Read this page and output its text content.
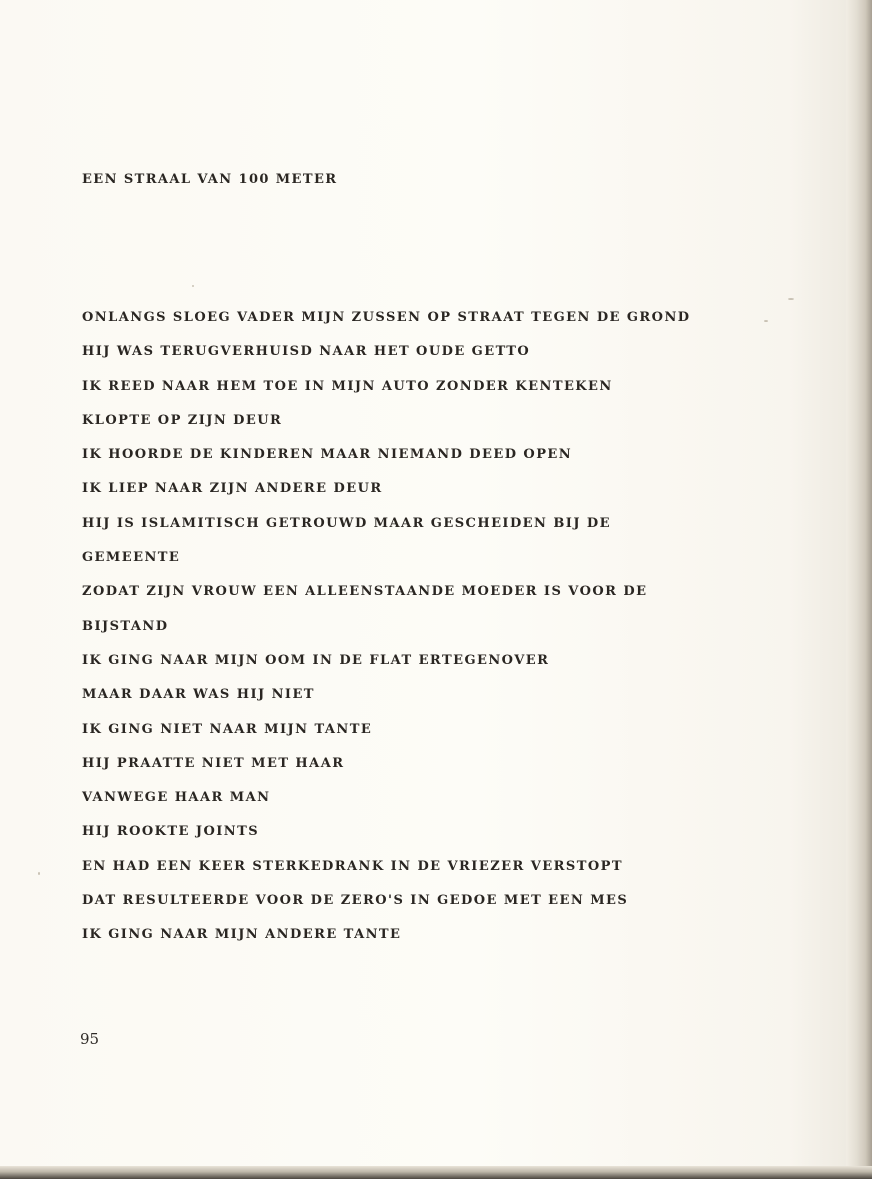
EEN STRAAL VAN 100 METER
ONLANGS SLOEG VADER MIJN ZUSSEN OP STRAAT TEGEN DE GROND
HIJ WAS TERUGVERHUISD NAAR HET OUDE GETTO
IK REED NAAR HEM TOE IN MIJN AUTO ZONDER KENTEKEN
KLOPTE OP ZIJN DEUR
IK HOORDE DE KINDEREN MAAR NIEMAND DEED OPEN
IK LIEP NAAR ZIJN ANDERE DEUR
HIJ IS ISLAMITISCH GETROUWD MAAR GESCHEIDEN BIJ DE
GEMEENTE
ZODAT ZIJN VROUW EEN ALLEENSTAANDE MOEDER IS VOOR DE
BIJSTAND
IK GING NAAR MIJN OOM IN DE FLAT ERTEGENOVER
MAAR DAAR WAS HIJ NIET
IK GING NIET NAAR MIJN TANTE
HIJ PRAATTE NIET MET HAAR
VANWEGE HAAR MAN
HIJ ROOKTE JOINTS
EN HAD EEN KEER STERKEDRANK IN DE VRIEZER VERSTOPT
DAT RESULTEERDE VOOR DE ZERO'S IN GEDOE MET EEN MES
IK GING NAAR MIJN ANDERE TANTE
95
